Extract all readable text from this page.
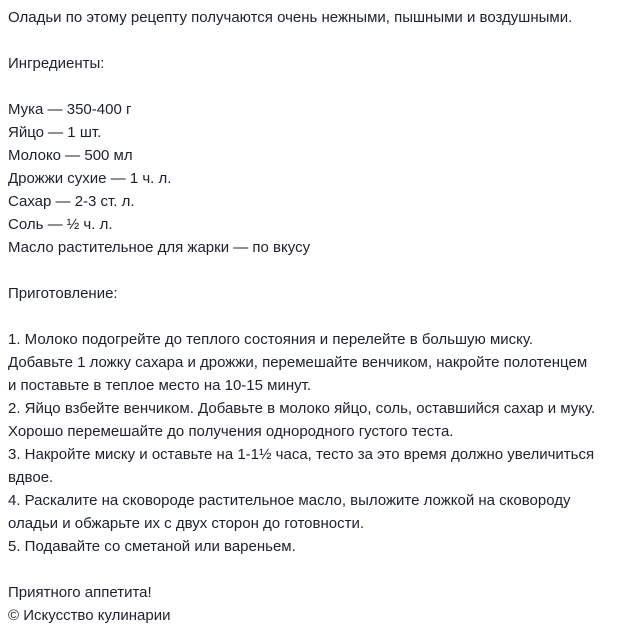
Оладьи по этому рецепту получаются очень нежными, пышными и воздушными.
Ингредиенты:
Мука — 350-400 г
Яйцо — 1 шт.
Молоко — 500 мл
Дрожжи сухие — 1 ч. л.
Сахар — 2-3 ст. л.
Соль — ½ ч. л.
Масло растительное для жарки — по вкусу
Приготовление:
1. Молоко подогрейте до теплого состояния и перелейте в большую миску.
Добавьте 1 ложку сахара и дрожжи, перемешайте венчиком, накройте полотенцем
и поставьте в теплое место на 10-15 минут.
2. Яйцо взбейте венчиком. Добавьте в молоко яйцо, соль, оставшийся сахар и муку.
Хорошо перемешайте до получения однородного густого теста.
3. Накройте миску и оставьте на 1-1½ часа, тесто за это время должно увеличиться
вдвое.
4. Раскалите на сковороде растительное масло, выложите ложкой на сковороду
оладьи и обжарьте их с двух сторон до готовности.
5. Подавайте со сметаной или вареньем.
Приятного аппетита!
© Искусство кулинарии
